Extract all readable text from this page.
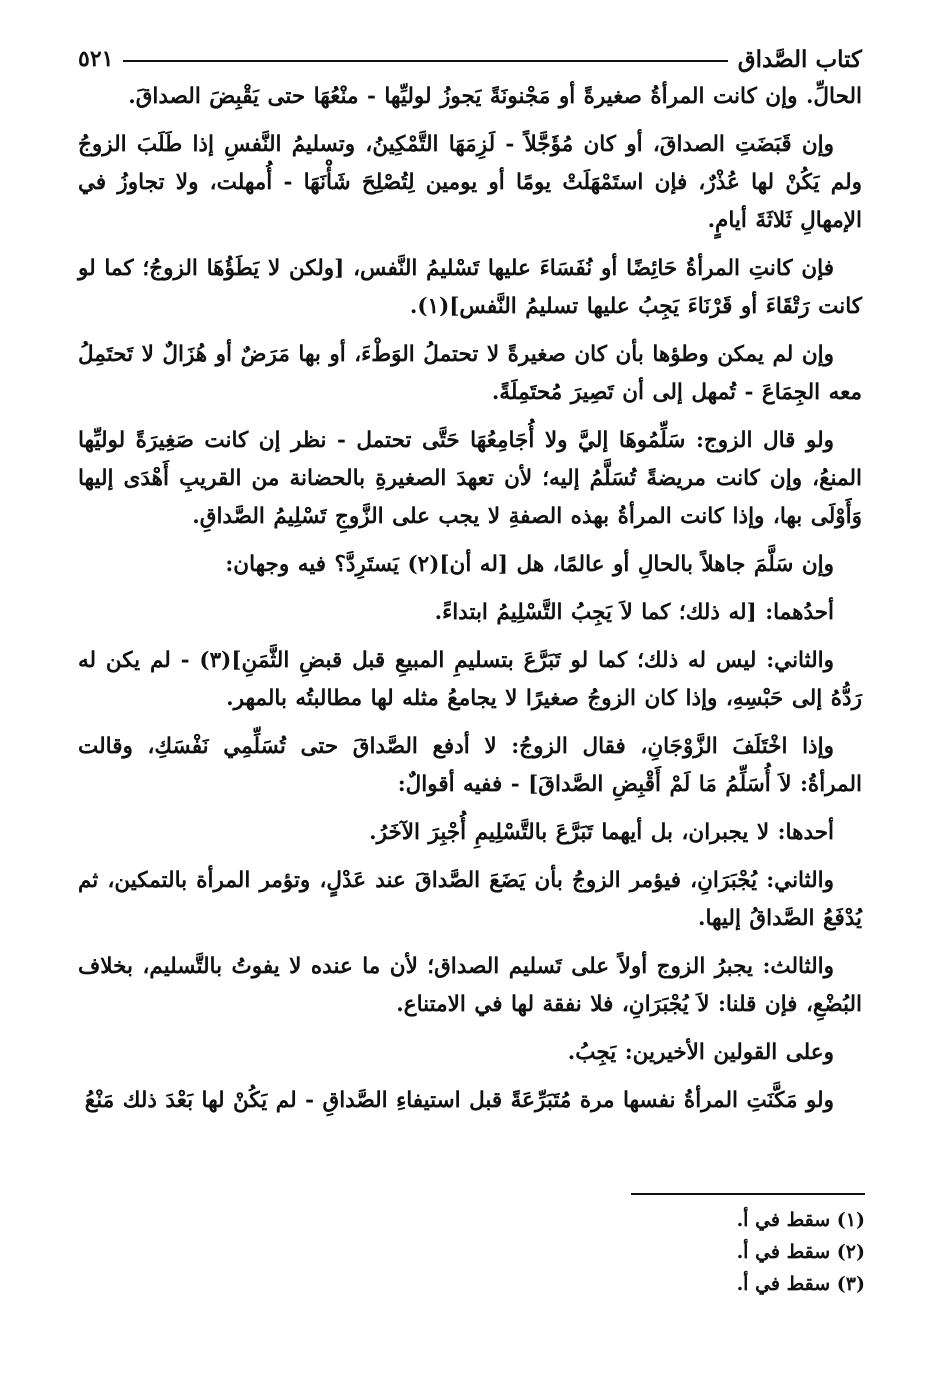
كتاب الصَّداق
٥٢١

الحالِّ. وإن كانت المرأةُ صغيرةً أو مَجْنونَةً يَجوزُ لوليِّها - منْعُهَا حتى يَقْبِضَ الصداقَ.

وإن قَبَضَتِ الصداقَ، أو كان مُؤَجَّلاً - لَزِمَهَا التَّمْكِينُ، وتسليمُ النَّفسِ إذا طَلَبَ الزوجُ ولم يَكُنْ لها عُذْرٌ، فإن استَمْهَلَتْ يومًا أو يومين لِتُصْلِحَ شَأْنَهَا - أُمهلت، ولا تجاوزُ في الإمهالِ ثَلاثَةَ أيامٍ.

فإن كانتِ المرأةُ حَائِضًا أو نُفَسَاءَ عليها تَسْليمُ النَّفس، [ولكن لا يَطَؤُهَا الزوجُ؛ كما لو كانت رَتْقَاءَ أو قَرْنَاءَ يَجِبُ عليها تسليمُ النَّفس](١).

وإن لم يمكن وطؤها بأن كان صغيرةً لا تحتملُ الوَطْءَ، أو بها مَرَضٌ أو هُزَالٌ لا تَحتَمِلُ معه الجِمَاعَ - تُمهل إلى أن تَصِيرَ مُحتَمِلَةً.

ولو قال الزوج: سَلِّمُوهَا إليَّ ولا أُجَامِعُهَا حَتَّى تحتمل - نظر إن كانت صَغِيرَةً لوليِّها المنعُ، وإن كانت مريضةً تُسَلَّمُ إليه؛ لأن تعهدَ الصغيرةِ بالحضانة من القريبِ أَهْدَى إليها وَأَوْلَى بها، وإذا كانت المرأةُ بهذه الصفةِ لا يجب على الزَّوجِ تَسْلِيمُ الصَّداقِ.

وإن سَلَّمَ جاهلاً بالحالِ أو عالمًا، هل [له أن](٢) يَستَرِدَّ؟ فيه وجهان:

أحدُهما: [له ذلك؛ كما لاَ يَجِبُ التَّسْلِيمُ ابتداءً.

والثاني: ليس له ذلك؛ كما لو تَبَرَّعَ بتسليمِ المبيعِ قبل قبضِ الثَّمَنِ](٣) - لم يكن له رَدُّهُ إلى حَبْسِهِ، وإذا كان الزوجُ صغيرًا لا يجامعُ مثله لها مطالبتُه بالمهر.

وإذا اخْتَلَفَ الزَّوْجَانِ، فقال الزوجُ: لا أدفع الصَّداقَ حتى تُسَلِّمِي نَفْسَكِ، وقالت المرأةُ: لاَ أُسَلِّمُ مَا لَمْ أَقْبِضِ الصَّداقَ] - ففيه أقوالٌ:

أحدها: لا يجبران، بل أيهما تَبَرَّعَ بالتَّسْلِيمِ أُجْبِرَ الآخَرُ.

والثاني: يُجْبَرَانِ، فيؤمر الزوجُ بأن يَضَعَ الصَّداقَ عند عَدْلٍ، وتؤمر المرأة بالتمكين، ثم يُدْفَعُ الصَّداقُ إليها.

والثالث: يجبرُ الزوج أولاً على تَسليم الصداق؛ لأن ما عنده لا يفوتُ بالتَّسليم، بخلاف البُضْعِ، فإن قلنا: لاَ يُجْبَرَانِ، فلا نفقة لها في الامتناع.

وعلى القولين الأخيرين: يَجِبُ.

ولو مَكَّنَتِ المرأةُ نفسها مرة مُتَبَرِّعَةً قبل استيفاءِ الصَّداقِ - لم يَكُنْ لها بَعْدَ ذلك مَنْعُ

(١) سقط في أ.
(٢) سقط في أ.
(٣) سقط في أ.
